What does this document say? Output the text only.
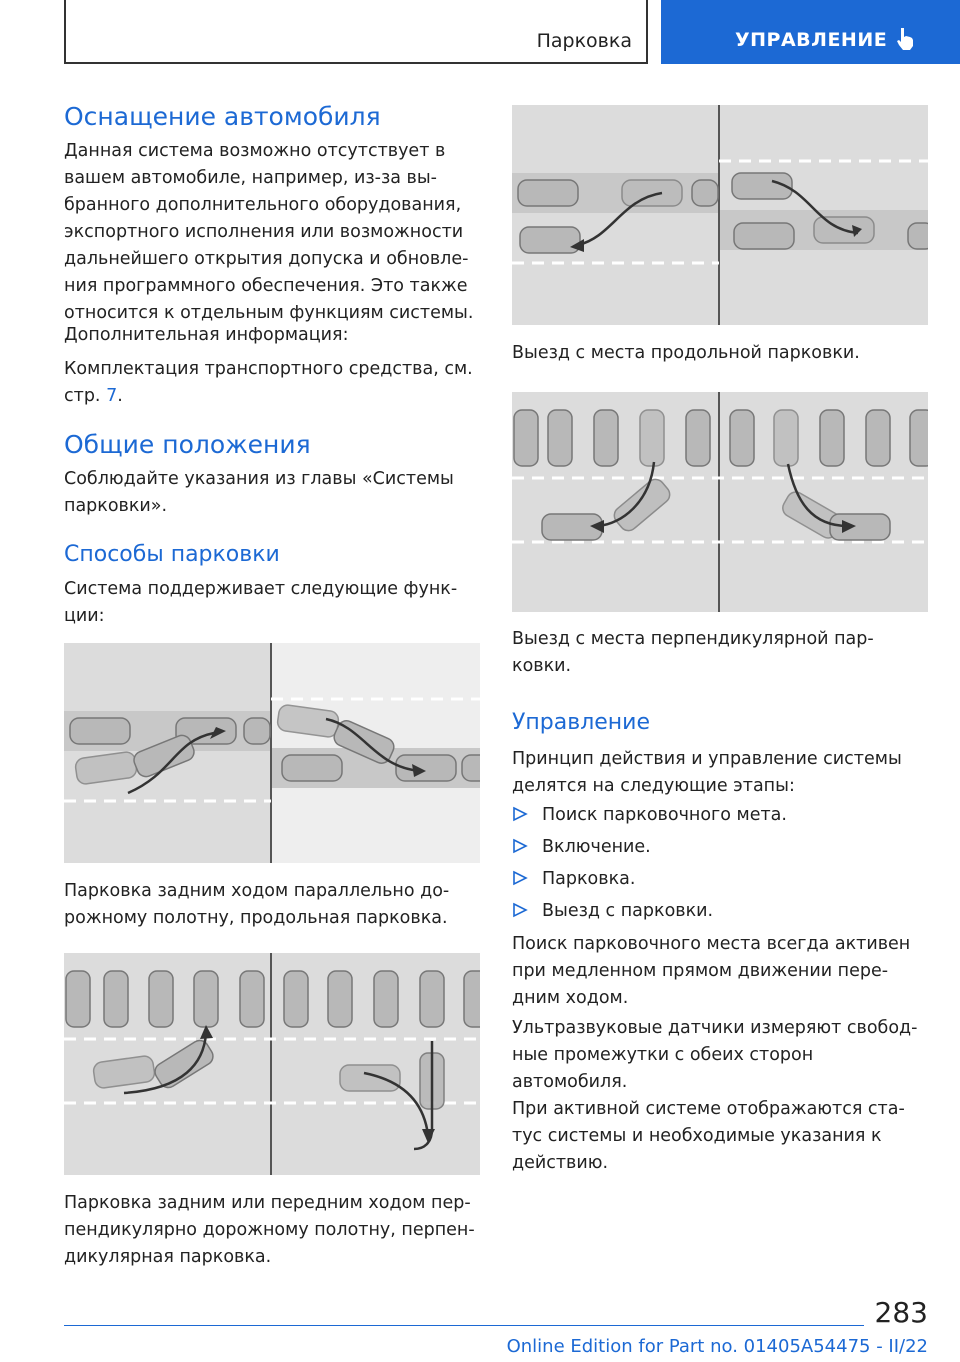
Парковка	УПРАВЛЕНИЕ
Оснащение автомобиля

Данная система возможно отсутствует в
вашем автомобиле, например, из-за вы-
бранного дополнительного оборудования,
экспортного исполнения или возможности
дальнейшего открытия допуска и обновле-
ния программного обеспечения. Это также
относится к отдельным функциям системы.

Дополнительная информация:

Комплектация транспортного средства, см.
стр. 7.

Общие положения

Соблюдайте указания из главы «Системы
парковки».

Способы парковки

Система поддерживает следующие функ-
ции:

Парковка задним ходом параллельно до-
рожному полотну, продольная парковка.

Парковка задним или передним ходом пер-
пендикулярно дорожному полотну, перпен-
дикулярная парковка.

Выезд с места продольной парковки.

Выезд с места перпендикулярной пар-
ковки.

Управление

Принцип действия и управление системы
делятся на следующие этапы:

Поиск парковочного мета.
Включение.
Парковка.
Выезд с парковки.

Поиск парковочного места всегда активен
при медленном прямом движении пере-
дним ходом.

Ультразвуковые датчики измеряют свобод-
ные промежутки с обеих сторон
автомобиля.

При активной системе отображаются ста-
тус системы и необходимые указания к
действию.

283
Online Edition for Part no. 01405A54475 - II/22
